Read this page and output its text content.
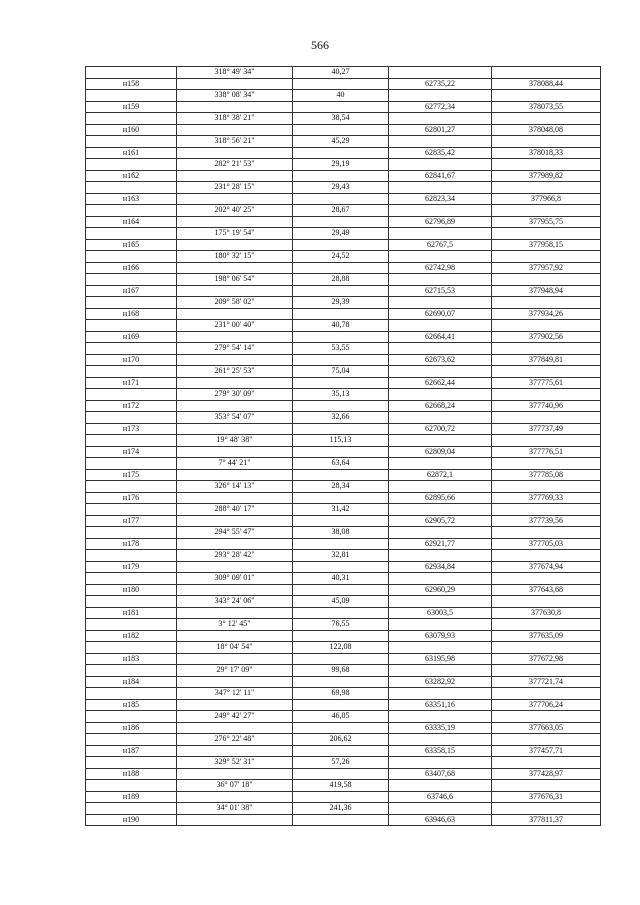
566
	318° 49' 34"	40,27		
н158			62735,22	378088,44
	338° 08' 34"	40		
н159			62772,34	378073,55
	318° 38' 21"	38,54		
н160			62801,27	378048,08
	318° 56' 21"	45,29		
н161			62835,42	378018,33
	282° 21' 53"	29,19		
н162			62841,67	377989,82
	231° 28' 15"	29,43		
н163			62823,34	377966,8
	202° 40' 25"	28,67		
н164			62796,89	377955,75
	175° 19' 54"	29,49		
н165			62767,5	377958,15
	180° 32' 15"	24,52		
н166			62742,98	377957,92
	198° 06' 54"	28,88		
н167			62715,53	377948,94
	209° 58' 02"	29,39		
н168			62690,07	377934,26
	231° 00' 40"	40,78		
н169			62664,41	377902,56
	279° 54' 14"	53,55		
н170			62673,62	377849,81
	261° 25' 53"	75,04		
н171			62662,44	377775,61
	279° 30' 09"	35,13		
н172			62668,24	377740,96
	353° 54' 07"	32,66		
н173			62700,72	377737,49
	19° 48' 38"	115,13		
н174			62809,04	377776,51
	7° 44' 21"	63,64		
н175			62872,1	377785,08
	326° 14' 13"	28,34		
н176			62895,66	377769,33
	288° 40' 17"	31,42		
н177			62905,72	377739,56
	294° 55' 47"	38,08		
н178			62921,77	377705,03
	293° 28' 42"	32,81		
н179			62934,84	377674,94
	309° 09' 01"	40,31		
н180			62960,29	377643,68
	343° 24' 06"	45,09		
н181			63003,5	377630,8
	3° 12' 45"	76,55		
н182			63079,93	377635,09
	18° 04' 54"	122,08		
н183			63195,98	377672,98
	29° 17' 09"	99,68		
н184			63282,92	377721,74
	347° 12' 11"	69,98		
н185			63351,16	377706,24
	249° 42' 27"	46,05		
н186			63335,19	377663,05
	276° 22' 48"	206,62		
н187			63358,15	377457,71
	329° 52' 31"	57,26		
н188			63407,68	377428,97
	36° 07' 18"	419,58		
н189			63746,6	377676,31
	34° 01' 38"	241,36		
н190			63946,63	377811,37
